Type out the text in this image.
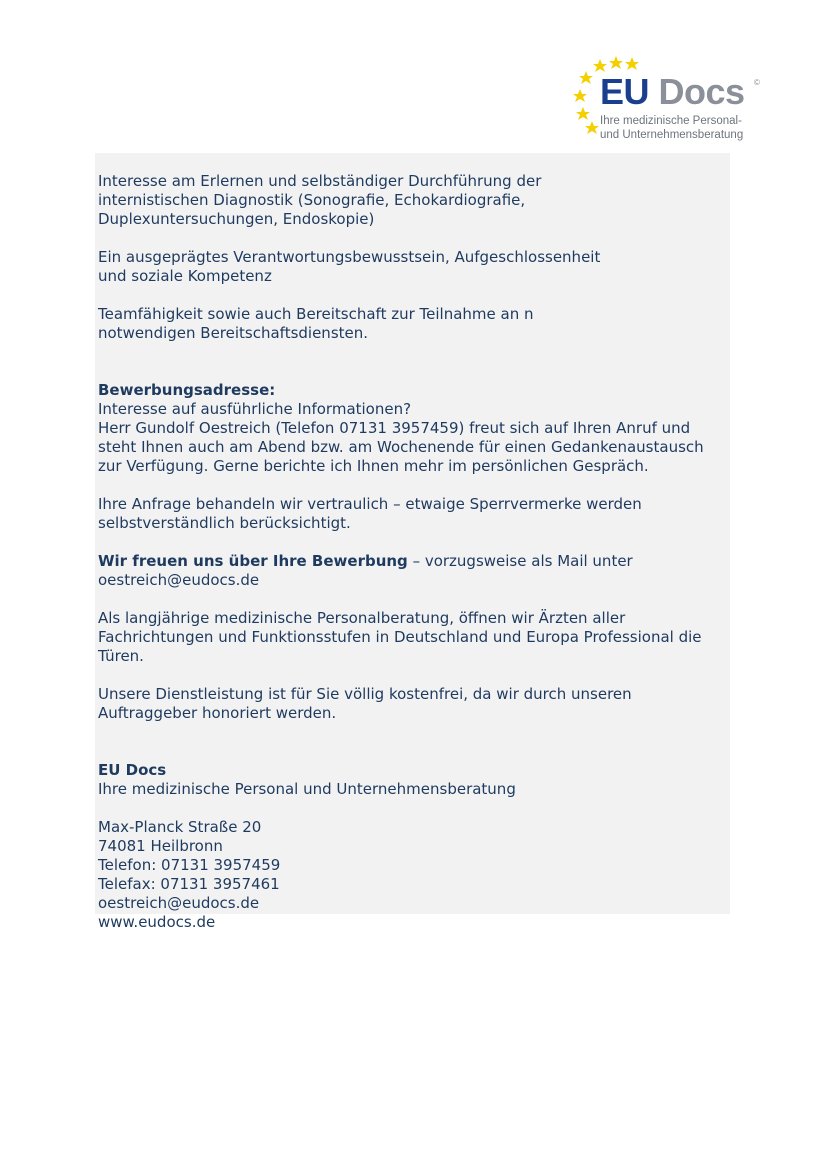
EU Docs ©
Ihre medizinische Personal-
und Unternehmensberatung

Interesse am Erlernen und selbständiger Durchführung der
internistischen Diagnostik (Sonografie, Echokardiografie,
Duplexuntersuchungen, Endoskopie)

Ein ausgeprägtes Verantwortungsbewusstsein, Aufgeschlossenheit
und soziale Kompetenz

Teamfähigkeit sowie auch Bereitschaft zur Teilnahme an n
notwendigen Bereitschaftsdiensten.

Bewerbungsadresse:
Interesse auf ausführliche Informationen?
Herr Gundolf Oestreich (Telefon 07131 3957459) freut sich auf Ihren Anruf und
steht Ihnen auch am Abend bzw. am Wochenende für einen Gedankenaustausch
zur Verfügung. Gerne berichte ich Ihnen mehr im persönlichen Gespräch.

Ihre Anfrage behandeln wir vertraulich – etwaige Sperrvermerke werden
selbstverständlich berücksichtigt.

Wir freuen uns über Ihre Bewerbung – vorzugsweise als Mail unter
oestreich@eudocs.de

Als langjährige medizinische Personalberatung, öffnen wir Ärzten aller
Fachrichtungen und Funktionsstufen in Deutschland und Europa Professional die
Türen.

Unsere Dienstleistung ist für Sie völlig kostenfrei, da wir durch unseren
Auftraggeber honoriert werden.

EU Docs
Ihre medizinische Personal und Unternehmensberatung

Max-Planck Straße 20
74081 Heilbronn
Telefon: 07131 3957459
Telefax: 07131 3957461
oestreich@eudocs.de
www.eudocs.de
